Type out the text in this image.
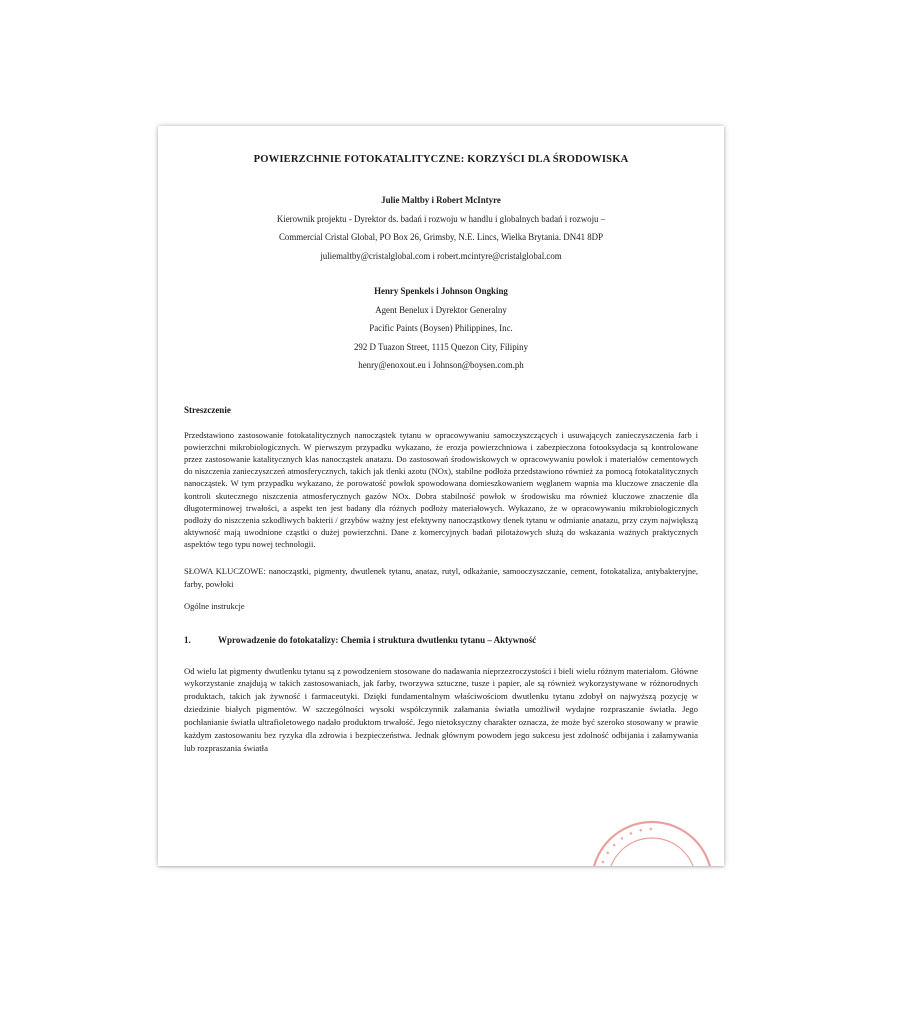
POWIERZCHNIE FOTOKATALITYCZNE: KORZYŚCI DLA ŚRODOWISKA
Julie Maltby i Robert McIntyre
Kierownik projektu - Dyrektor ds. badań i rozwoju w handlu i globalnych badań i rozwoju –
Commercial Cristal Global, PO Box 26, Grimsby, N.E. Lincs, Wielka Brytania. DN41 8DP
juliemaltby@cristalglobal.com i robert.mcintyre@cristalglobal.com
Henry Spenkels i Johnson Ongking
Agent Benelux i Dyrektor Generalny
Pacific Paints (Boysen) Philippines, Inc.
292 D Tuazon Street, 1115 Quezon City, Filipiny
henry@enoxout.eu i Johnson@boysen.com.ph
Streszczenie

Przedstawiono zastosowanie fotokatalitycznych nanocząstek tytanu w opracowywaniu samoczyszczących i usuwających zanieczyszczenia farb i powierzchni mikrobiologicznych. W pierwszym przypadku wykazano, że erozja powierzchniowa i zabezpieczona fotooksydacja są kontrolowane przez zastosowanie katalitycznych klas nanocząstek anatazu. Do zastosowań środowiskowych w opracowywaniu powłok i materiałów cementowych do niszczenia zanieczyszczeń atmosferycznych, takich jak tlenki azotu (NOx), stabilne podłoża przedstawiono również za pomocą fotokatalitycznych nanocząstek. W tym przypadku wykazano, że porowatość powłok spowodowana domieszkowaniem węglanem wapnia ma kluczowe znaczenie dla kontroli skutecznego niszczenia atmosferycznych gazów NOx. Dobra stabilność powłok w środowisku ma również kluczowe znaczenie dla długoterminowej trwałości, a aspekt ten jest badany dla różnych podłoży materiałowych. Wykazano, że w opracowywaniu mikrobiologicznych podłoży do niszczenia szkodliwych bakterii / grzybów ważny jest efektywny nanocząstkowy tlenek tytanu w odmianie anatazu, przy czym największą aktywność mają uwodnione cząstki o dużej powierzchni. Dane z komercyjnych badań pilotażowych służą do wskazania ważnych praktycznych aspektów tego typu nowej technologii.

SŁOWA KLUCZOWE: nanocząstki, pigmenty, dwutlenek tytanu, anataz, rutyl, odkażanie, samooczyszczanie, cement, fotokataliza, antybakteryjne, farby, powłoki

Ogólne instrukcje
1.	Wprowadzenie do fotokatalizy: Chemia i struktura dwutlenku tytanu – Aktywność

Od wielu lat pigmenty dwutlenku tytanu są z powodzeniem stosowane do nadawania nieprzezroczystości i bieli wielu różnym materiałom. Główne wykorzystanie znajdują w takich zastosowaniach, jak farby, tworzywa sztuczne, tusze i papier, ale są również wykorzystywane w różnorodnych produktach, takich jak żywność i farmaceutyki. Dzięki fundamentalnym właściwościom dwutlenku tytanu zdobył on najwyższą pozycję w dziedzinie białych pigmentów. W szczególności wysoki współczynnik załamania światła umożliwił wydajne rozpraszanie światła. Jego pochłanianie światła ultrafioletowego nadało produktom trwałość. Jego nietoksyczny charakter oznacza, że może być szeroko stosowany w prawie każdym zastosowaniu bez ryzyka dla zdrowia i bezpieczeństwa. Jednak głównym powodem jego sukcesu jest zdolność odbijania i załamywania lub rozpraszania światła

• • • • • • • •
